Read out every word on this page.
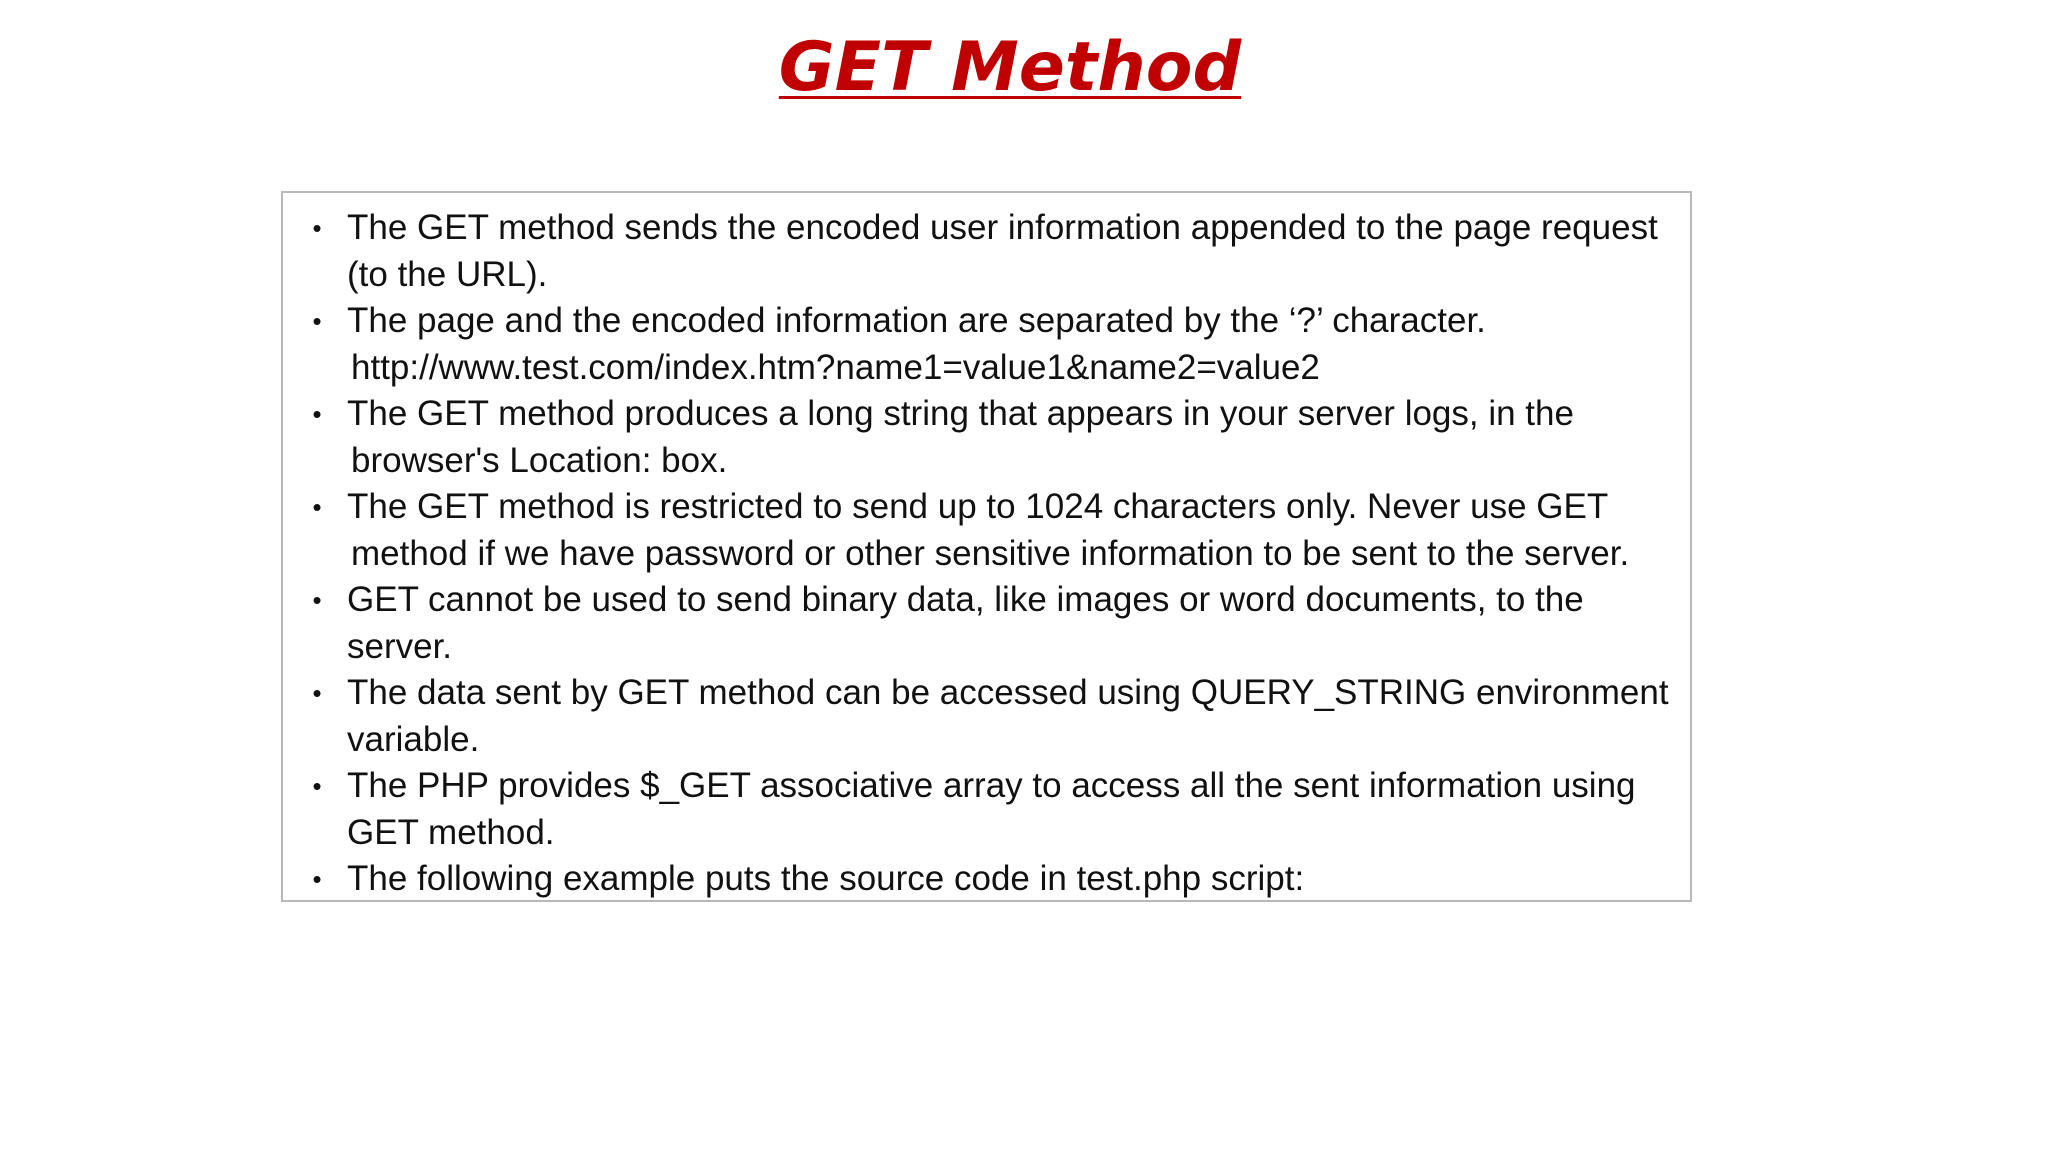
GET Method
• The GET method sends the encoded user information appended to the page request
(to the URL).
• The page and the encoded information are separated by the ‘?’ character.
http://www.test.com/index.htm?name1=value1&name2=value2
• The GET method produces a long string that appears in your server logs, in the
browser's Location: box.
• The GET method is restricted to send up to 1024 characters only. Never use GET
method if we have password or other sensitive information to be sent to the server.
• GET cannot be used to send binary data, like images or word documents, to the
server.
• The data sent by GET method can be accessed using QUERY_STRING environment
variable.
• The PHP provides $_GET associative array to access all the sent information using
GET method.
• The following example puts the source code in test.php script:
